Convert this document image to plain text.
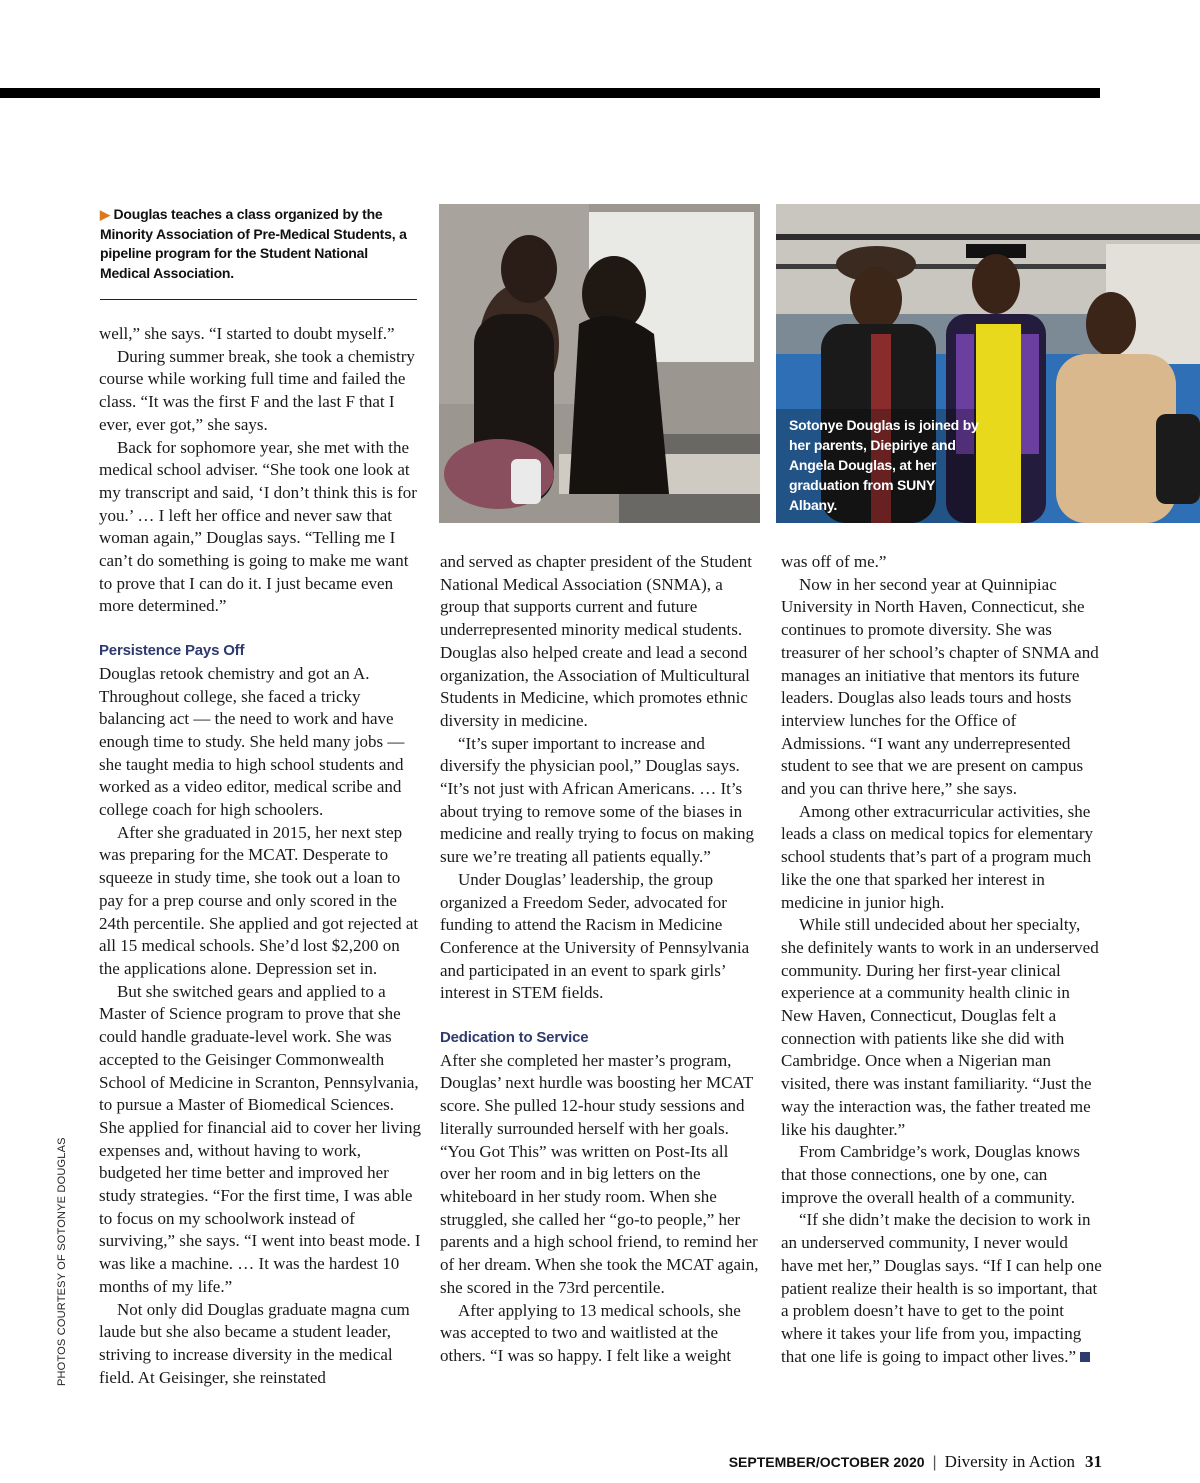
▶ Douglas teaches a class organized by the Minority Association of Pre-Medical Students, a pipeline program for the Student National Medical Association.
Sotonye Douglas is joined by her parents, Diepiriye and Angela Douglas, at her graduation from SUNY Albany.

well,” she says. “I started to doubt myself.”

During summer break, she took a chemistry course while working full time and failed the class. “It was the first F and the last F that I ever, ever got,” she says.

Back for sophomore year, she met with the medical school adviser. “She took one look at my transcript and said, ‘I don’t think this is for you.’ … I left her office and never saw that woman again,” Douglas says. “Telling me I can’t do something is going to make me want to prove that I can do it. I just became even more determined.”

Persistence Pays Off

Douglas retook chemistry and got an A. Throughout college, she faced a tricky balancing act — the need to work and have enough time to study. She held many jobs — she taught media to high school students and worked as a video editor, medical scribe and college coach for high schoolers.

After she graduated in 2015, her next step was preparing for the MCAT. Desperate to squeeze in study time, she took out a loan to pay for a prep course and only scored in the 24th percentile. She applied and got rejected at all 15 medical schools. She’d lost $2,200 on the applications alone. Depression set in.

But she switched gears and applied to a Master of Science program to prove that she could handle graduate-level work. She was accepted to the Geisinger Commonwealth School of Medicine in Scranton, Pennsylvania, to pursue a Master of Biomedical Sciences. She applied for financial aid to cover her living expenses and, without having to work, budgeted her time better and improved her study strategies. “For the first time, I was able to focus on my schoolwork instead of surviving,” she says. “I went into beast mode. I was like a machine. … It was the hardest 10 months of my life.”

Not only did Douglas graduate magna cum laude but she also became a student leader, striving to increase diversity in the medical field. At Geisinger, she reinstated

and served as chapter president of the Student National Medical Association (SNMA), a group that supports current and future underrepresented minority medical students. Douglas also helped create and lead a second organization, the Association of Multicultural Students in Medicine, which promotes ethnic diversity in medicine.

“It’s super important to increase and diversify the physician pool,” Douglas says. “It’s not just with African Americans. … It’s about trying to remove some of the biases in medicine and really trying to focus on making sure we’re treating all patients equally.”

Under Douglas’ leadership, the group organized a Freedom Seder, advocated for funding to attend the Racism in Medicine Conference at the University of Pennsylvania and participated in an event to spark girls’ interest in STEM fields.

Dedication to Service

After she completed her master’s program, Douglas’ next hurdle was boosting her MCAT score. She pulled 12-hour study sessions and literally surrounded herself with her goals. “You Got This” was written on Post-Its all over her room and in big letters on the whiteboard in her study room. When she struggled, she called her “go-to people,” her parents and a high school friend, to remind her of her dream. When she took the MCAT again, she scored in the 73rd percentile.

After applying to 13 medical schools, she was accepted to two and waitlisted at the others. “I was so happy. I felt like a weight

was off of me.”

Now in her second year at Quinnipiac University in North Haven, Connecticut, she continues to promote diversity. She was treasurer of her school’s chapter of SNMA and manages an initiative that mentors its future leaders. Douglas also leads tours and hosts interview lunches for the Office of Admissions. “I want any underrepresented student to see that we are present on campus and you can thrive here,” she says.

Among other extracurricular activities, she leads a class on medical topics for elementary school students that’s part of a program much like the one that sparked her interest in medicine in junior high.

While still undecided about her specialty, she definitely wants to work in an underserved community. During her first-year clinical experience at a community health clinic in New Haven, Connecticut, Douglas felt a connection with patients like she did with Cambridge. Once when a Nigerian man visited, there was instant familiarity. “Just the way the interaction was, the father treated me like his daughter.”

From Cambridge’s work, Douglas knows that those connections, one by one, can improve the overall health of a community.

“If she didn’t make the decision to work in an underserved community, I never would have met her,” Douglas says. “If I can help one patient realize their health is so important, that a problem doesn’t have to get to the point where it takes your life from you, impacting that one life is going to impact other lives.”

PHOTOS COURTESY OF SOTONYE DOUGLAS
SEPTEMBER/OCTOBER 2020 | Diversity in Action 31
